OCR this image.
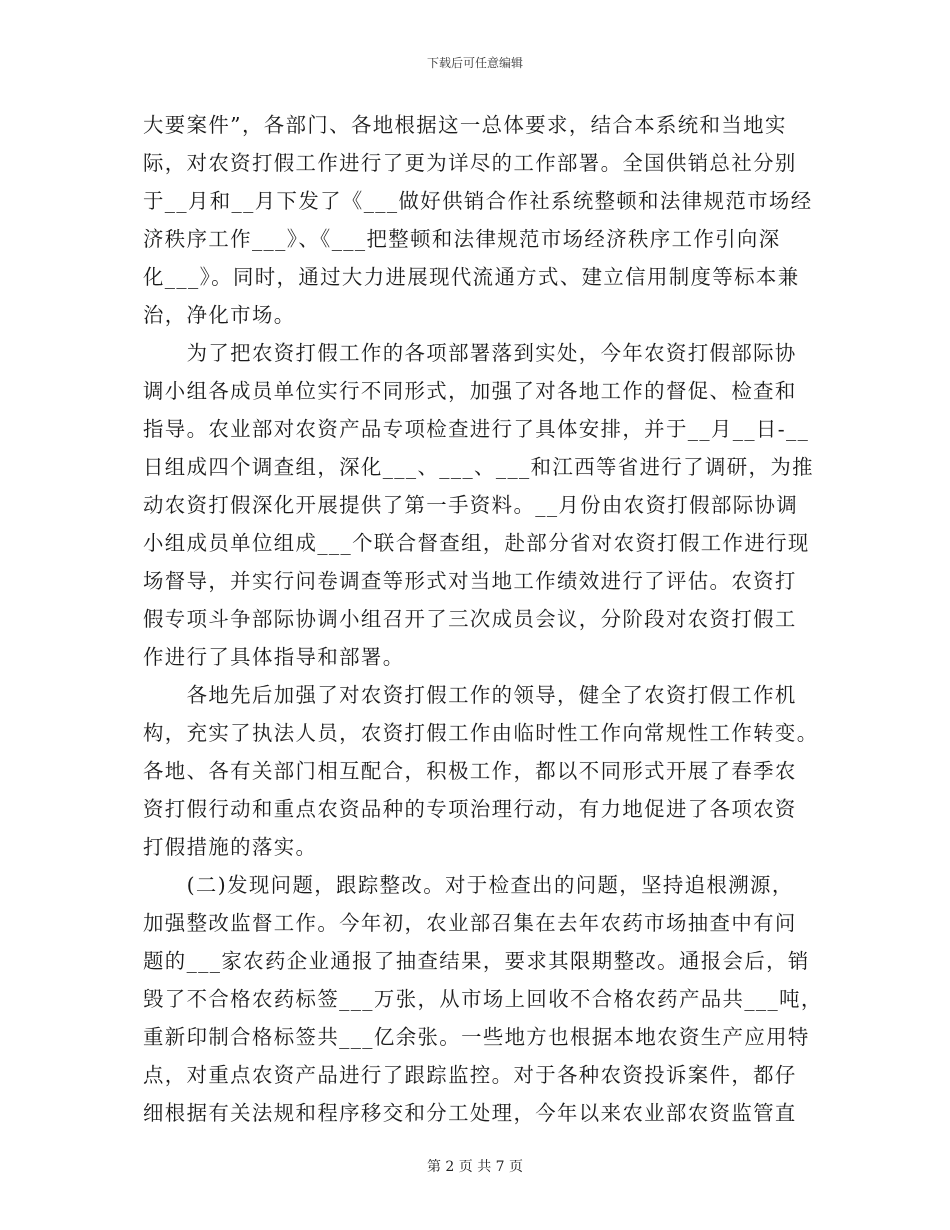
下载后可任意编辑
大要案件”，各部门、各地根据这一总体要求，结合本系统和当地实
际，对农资打假工作进行了更为详尽的工作部署。全国供销总社分别
于__月和__月下发了《___做好供销合作社系统整顿和法律规范市场经
济秩序工作___》、《___把整顿和法律规范市场经济秩序工作引向深
化___》。同时，通过大力进展现代流通方式、建立信用制度等标本兼
治，净化市场。
　　为了把农资打假工作的各项部署落到实处，今年农资打假部际协
调小组各成员单位实行不同形式，加强了对各地工作的督促、检查和
指导。农业部对农资产品专项检查进行了具体安排，并于__月__日-__
日组成四个调查组，深化___、___、___和江西等省进行了调研，为推
动农资打假深化开展提供了第一手资料。__月份由农资打假部际协调
小组成员单位组成___个联合督查组，赴部分省对农资打假工作进行现
场督导，并实行问卷调查等形式对当地工作绩效进行了评估。农资打
假专项斗争部际协调小组召开了三次成员会议，分阶段对农资打假工
作进行了具体指导和部署。
　　各地先后加强了对农资打假工作的领导，健全了农资打假工作机
构，充实了执法人员，农资打假工作由临时性工作向常规性工作转变。
各地、各有关部门相互配合，积极工作，都以不同形式开展了春季农
资打假行动和重点农资品种的专项治理行动，有力地促进了各项农资
打假措施的落实。
　　(二)发现问题，跟踪整改。对于检查出的问题，坚持追根溯源，
加强整改监督工作。今年初，农业部召集在去年农药市场抽查中有问
题的___家农药企业通报了抽查结果，要求其限期整改。通报会后，销
毁了不合格农药标签___万张，从市场上回收不合格农药产品共___吨，
重新印制合格标签共___亿余张。一些地方也根据本地农资生产应用特
点，对重点农资产品进行了跟踪监控。对于各种农资投诉案件，都仔
细根据有关法规和程序移交和分工处理，今年以来农业部农资监管直
第 2 页 共 7 页
